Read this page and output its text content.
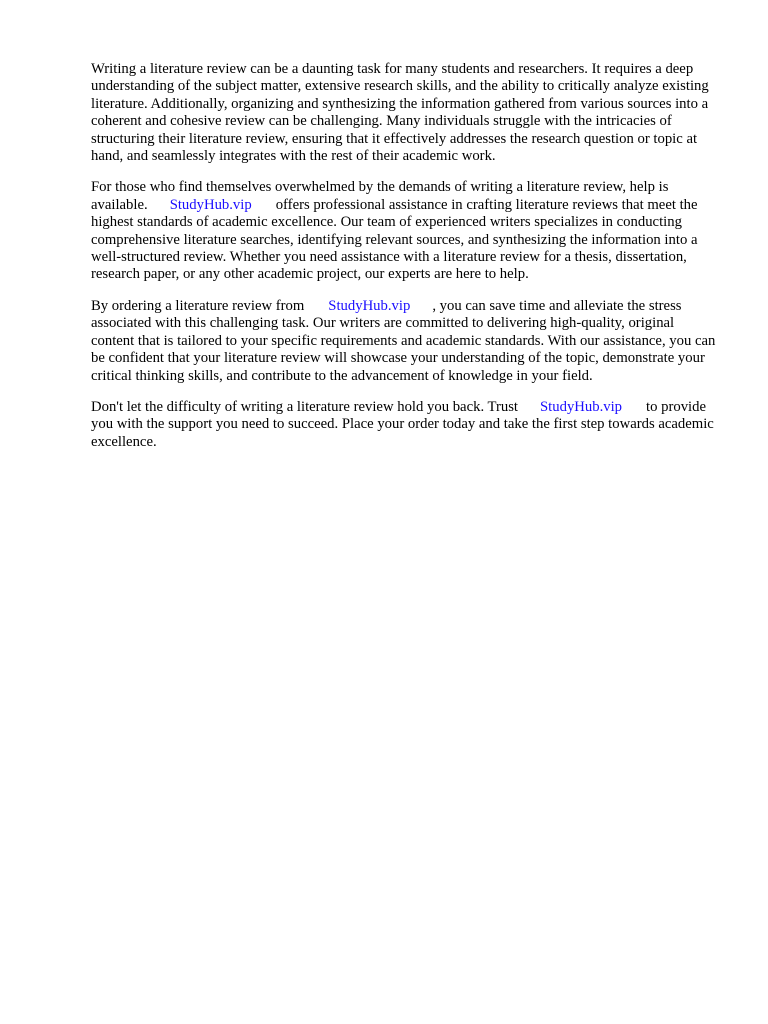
Writing a literature review can be a daunting task for many students and researchers. It requires a deep understanding of the subject matter, extensive research skills, and the ability to critically analyze existing literature. Additionally, organizing and synthesizing the information gathered from various sources into a coherent and cohesive review can be challenging. Many individuals struggle with the intricacies of structuring their literature review, ensuring that it effectively addresses the research question or topic at hand, and seamlessly integrates with the rest of their academic work.

For those who find themselves overwhelmed by the demands of writing a literature review, help is available. StudyHub.vip offers professional assistance in crafting literature reviews that meet the highest standards of academic excellence. Our team of experienced writers specializes in conducting comprehensive literature searches, identifying relevant sources, and synthesizing the information into a well-structured review. Whether you need assistance with a literature review for a thesis, dissertation, research paper, or any other academic project, our experts are here to help.

By ordering a literature review from StudyHub.vip , you can save time and alleviate the stress associated with this challenging task. Our writers are committed to delivering high-quality, original content that is tailored to your specific requirements and academic standards. With our assistance, you can be confident that your literature review will showcase your understanding of the topic, demonstrate your critical thinking skills, and contribute to the advancement of knowledge in your field.

Don't let the difficulty of writing a literature review hold you back. Trust StudyHub.vip to provide you with the support you need to succeed. Place your order today and take the first step towards academic excellence.
